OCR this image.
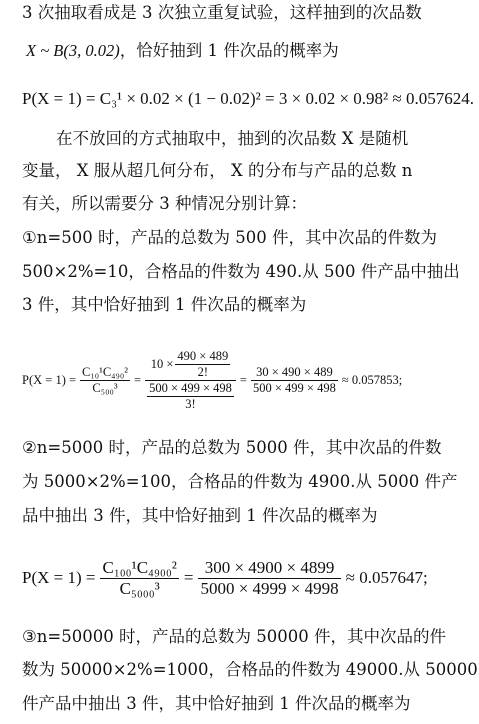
3 次抽取看成是 3 次独立重复试验，这样抽到的次品数
X ~ B(3, 0.02)，恰好抽到 1 件次品的概率为
P(X = 1) = C₃¹ × 0.02 × (1 − 0.02)² = 3 × 0.02 × 0.98² ≈ 0.057624.
在不放回的方式抽取中，抽到的次品数 X 是随机
变量， X 服从超几何分布， X 的分布与产品的总数 n
有关，所以需要分 3 种情况分别计算：
①n=500 时，产品的总数为 500 件，其中次品的件数为
500×2%=10，合格品的件数为 490.从 500 件产品中抽出
3 件，其中恰好抽到 1 件次品的概率为
$P(X = 1) = \frac{\text{C₁₀¹C₄₉₀²}}{\text{C₅₀₀³}} = \frac{10 \times \frac{490 \times 489}{2!}}{\frac{500 \times 499 \times 498}{3!}} = \frac{30 \times 490 \times 489}{500 \times 499 \times 498} \approx 0.057853$;
②n=5000 时，产品的总数为 5000 件，其中次品的件数
为 5000×2%=100，合格品的件数为 4900.从 5000 件产
品中抽出 3 件，其中恰好抽到 1 件次品的概率为
$P(X = 1) = \frac{\text{C₁₀₀¹C₄₉₀₀²}}{\text{C₅₀₀₀³}} = \frac{300 \times 4900 \times 4899}{5000 \times 4999 \times 4998} \approx 0.057647$;
③n=50000 时，产品的总数为 50000 件，其中次品的件
数为 50000×2%=1000，合格品的件数为 49000.从 50000
件产品中抽出 3 件，其中恰好抽到 1 件次品的概率为
